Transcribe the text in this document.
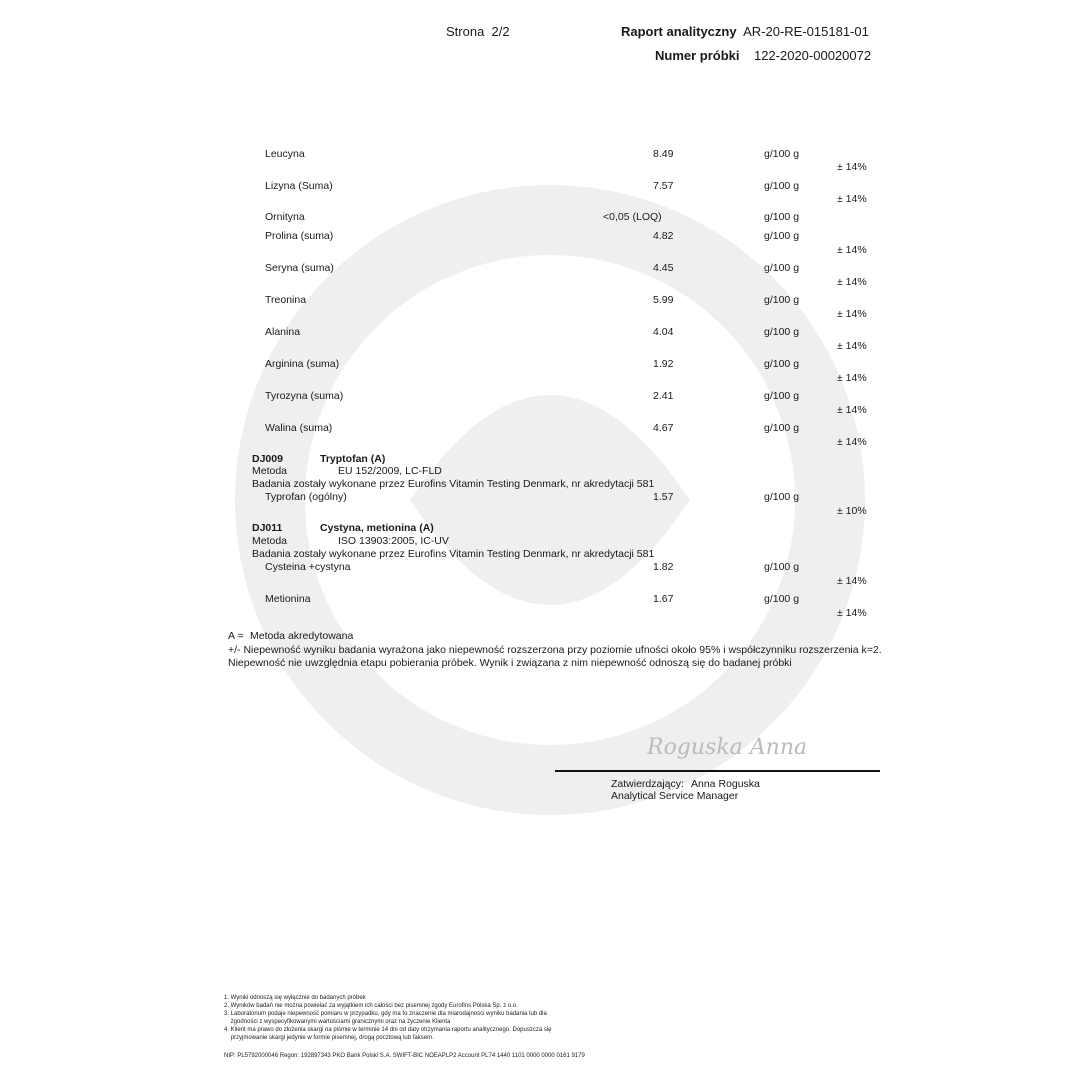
Strona 2/2	Raport analityczny AR-20-RE-015181-01
Numer próbki 122-2020-00020072
Leucyna	8.49	g/100 g
± 14%
Lizyna (Suma)	7.57	g/100 g
± 14%
Ornityna	<0,05 (LOQ)	g/100 g
Prolina (suma)	4.82	g/100 g
± 14%
Seryna (suma)	4.45	g/100 g
± 14%
Treonina	5.99	g/100 g
± 14%
Alanina	4.04	g/100 g
± 14%
Arginina (suma)	1.92	g/100 g
± 14%
Tyrozyna (suma)	2.41	g/100 g
± 14%
Walina (suma)	4.67	g/100 g
± 14%
DJ009	Tryptofan (A)
Metoda	EU 152/2009, LC-FLD
Badania zostały wykonane przez Eurofins Vitamin Testing Denmark, nr akredytacji 581
Typrofan (ogólny)	1.57	g/100 g
± 10%
DJ011	Cystyna, metionina (A)
Metoda	ISO 13903:2005, IC-UV
Badania zostały wykonane przez Eurofins Vitamin Testing Denmark, nr akredytacji 581
Cysteina +cystyna	1.82	g/100 g
± 14%
Metionina	1.67	g/100 g
± 14%
A = Metoda akredytowana
+/- Niepewność wyniku badania wyrażona jako niepewność rozszerzona przy poziomie ufności około 95% i współczynniku rozszerzenia k=2.
Niepewność nie uwzględnia etapu pobierania próbek. Wynik i związana z nim niepewność odnoszą się do badanej próbki
Roguska Anna
Zatwierdzający: Anna Roguska
Analytical Service Manager
1. Wyniki odnoszą się wyłącznie do badanych próbek
2. Wyników badań nie można powielać za wyjątkiem ich całości bez pisemnej zgody Eurofins Polska Sp. z o.o.
3. Laboratorium podaje niepewność pomiaru w przypadku, gdy ma to znaczenie dla miarodajności wyniku badania lub dla
zgodności z wyspecyfikowanymi wartościami granicznymi oraz na życzenie Klienta
4. Klient ma prawo do złożenia skargi na piśmie w terminie 14 dni od daty otrzymania raportu analitycznego. Dopuszcza się
przyjmowanie skargi jedynie w formie pisemnej, drogą pocztową lub faksem.
NIP: PL5792000046 Regon: 192897343 PKO Bank Polski S.A. SWIFT-BIC NOEAPLP2 Account PL74 1440 1101 0000 0000 0161 9179
